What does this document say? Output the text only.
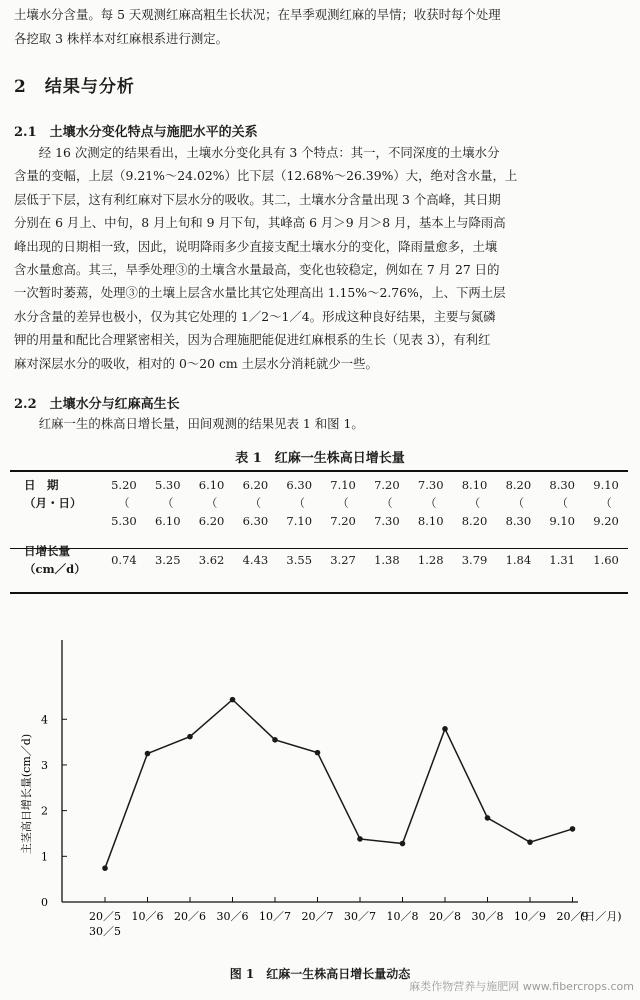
土壤水分含量。每 5 天观测红麻高粗生长状况；在旱季观测红麻的旱情；收获时每个处理
各挖取 3 株样本对红麻根系进行测定。
2　结果与分析
2.1　土壤水分变化特点与施肥水平的关系
　　经 16 次测定的结果看出，土壤水分变化具有 3 个特点：其一，不同深度的土壤水分
含量的变幅，上层（9.21%～24.02%）比下层（12.68%～26.39%）大，绝对含水量，上
层低于下层，这有利红麻对下层水分的吸收。其二，土壤水分含量出现 3 个高峰，其日期
分别在 6 月上、中旬，8 月上旬和 9 月下旬，其峰高 6 月＞9 月＞8 月，基本上与降雨高
峰出现的日期相一致，因此，说明降雨多少直接支配土壤水分的变化，降雨量愈多，土壤
含水量愈高。其三，旱季处理③的土壤含水量最高，变化也较稳定，例如在 7 月 27 日的
一次暂时萎蔫，处理③的土壤上层含水量比其它处理高出 1.15%～2.76%，上、下两土层
水分含量的差异也极小，仅为其它处理的 1／2～1／4。形成这种良好结果，主要与氮磷
钾的用量和配比合理紧密相关，因为合理施肥能促进红麻根系的生长（见表 3），有利红
麻对深层水分的吸收，相对的 0～20 cm 土层水分消耗就少一些。
2.2　土壤水分与红麻高生长
　　红麻一生的株高日增长量，田间观测的结果见表 1 和图 1。
表 1　红麻一生株高日增长量
日　期	5.20	5.30	6.10	6.20	6.30	7.10	7.20	7.30	8.10	8.20	8.30	9.10
（月・日）	（	（	（	（	（	（	（	（	（	（	（	（
	5.30	6.10	6.20	6.30	7.10	7.20	7.30	8.10	8.20	8.30	9.10	9.20

日增长量	0.74	3.25	3.62	4.43	3.55	3.27	1.38	1.28	3.79	1.84	1.31	1.60
（cm／d）												
0
1
2
3
4
20／5 10／6 20／6 30／6 10／7 20／7 30／7 10／8 20／8 30／8 10／9 20／9
30／5
(日／月)
主茎高日增长量(cm／d)
图 1　红麻一生株高日增长量动态
麻类作物营养与施肥网 www.fibercrops.com
